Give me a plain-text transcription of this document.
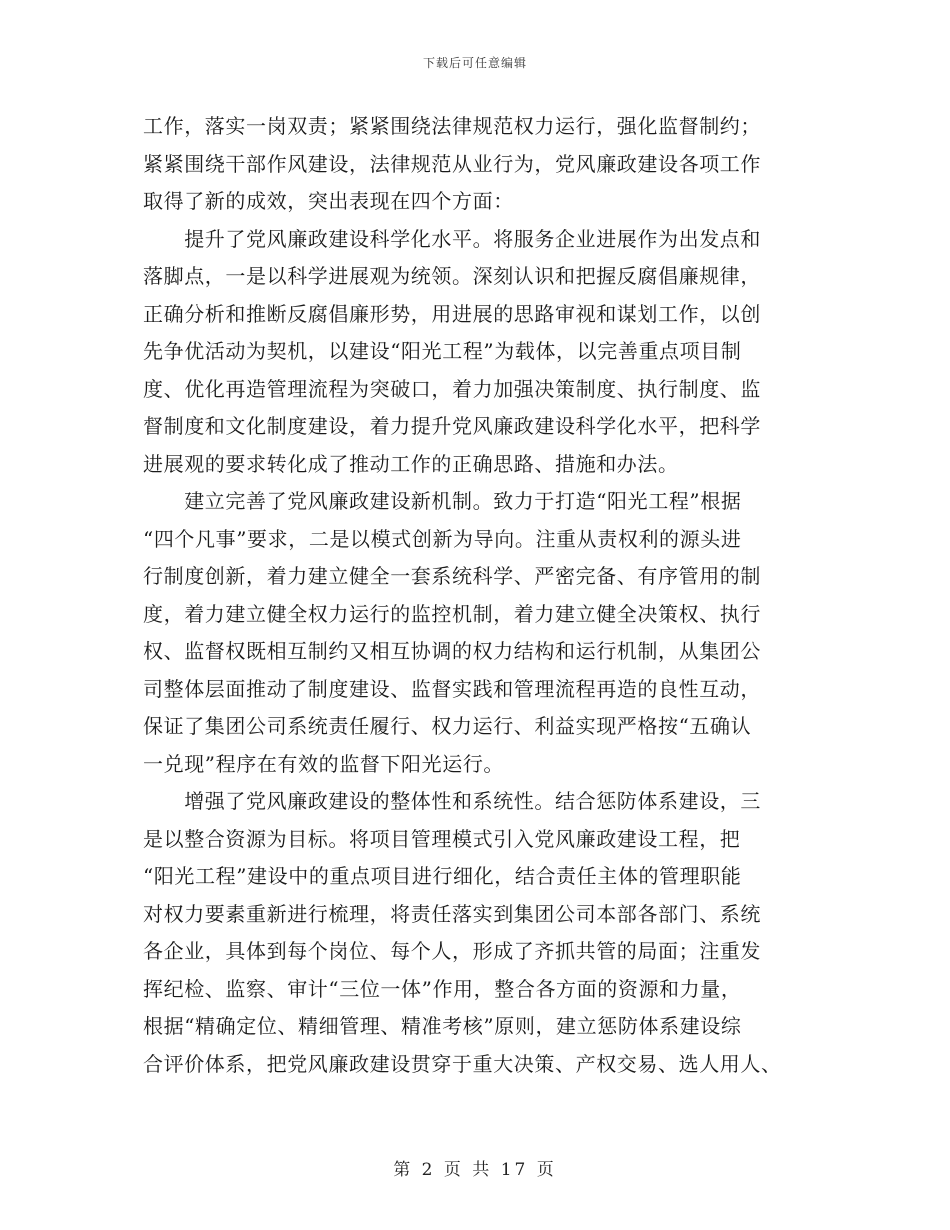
下载后可任意编辑
工作，落实一岗双责；紧紧围绕法律规范权力运行，强化监督制约；
紧紧围绕干部作风建设，法律规范从业行为，党风廉政建设各项工作
取得了新的成效，突出表现在四个方面：
　　提升了党风廉政建设科学化水平。将服务企业进展作为出发点和
落脚点，一是以科学进展观为统领。深刻认识和把握反腐倡廉规律，
正确分析和推断反腐倡廉形势，用进展的思路审视和谋划工作，以创
先争优活动为契机，以建设“阳光工程”为载体，以完善重点项目制
度、优化再造管理流程为突破口，着力加强决策制度、执行制度、监
督制度和文化制度建设，着力提升党风廉政建设科学化水平，把科学
进展观的要求转化成了推动工作的正确思路、措施和办法。
　　建立完善了党风廉政建设新机制。致力于打造“阳光工程”根据
“四个凡事”要求，二是以模式创新为导向。注重从责权利的源头进
行制度创新，着力建立健全一套系统科学、严密完备、有序管用的制
度，着力建立健全权力运行的监控机制，着力建立健全决策权、执行
权、监督权既相互制约又相互协调的权力结构和运行机制，从集团公
司整体层面推动了制度建设、监督实践和管理流程再造的良性互动，
保证了集团公司系统责任履行、权力运行、利益实现严格按“五确认
一兑现”程序在有效的监督下阳光运行。
　　增强了党风廉政建设的整体性和系统性。结合惩防体系建设，三
是以整合资源为目标。将项目管理模式引入党风廉政建设工程，把
“阳光工程”建设中的重点项目进行细化，结合责任主体的管理职能
对权力要素重新进行梳理，将责任落实到集团公司本部各部门、系统
各企业，具体到每个岗位、每个人，形成了齐抓共管的局面；注重发
挥纪检、监察、审计“三位一体”作用，整合各方面的资源和力量，
根据“精确定位、精细管理、精准考核”原则，建立惩防体系建设综
合评价体系，把党风廉政建设贯穿于重大决策、产权交易、选人用人、
第 2 页 共 17 页
